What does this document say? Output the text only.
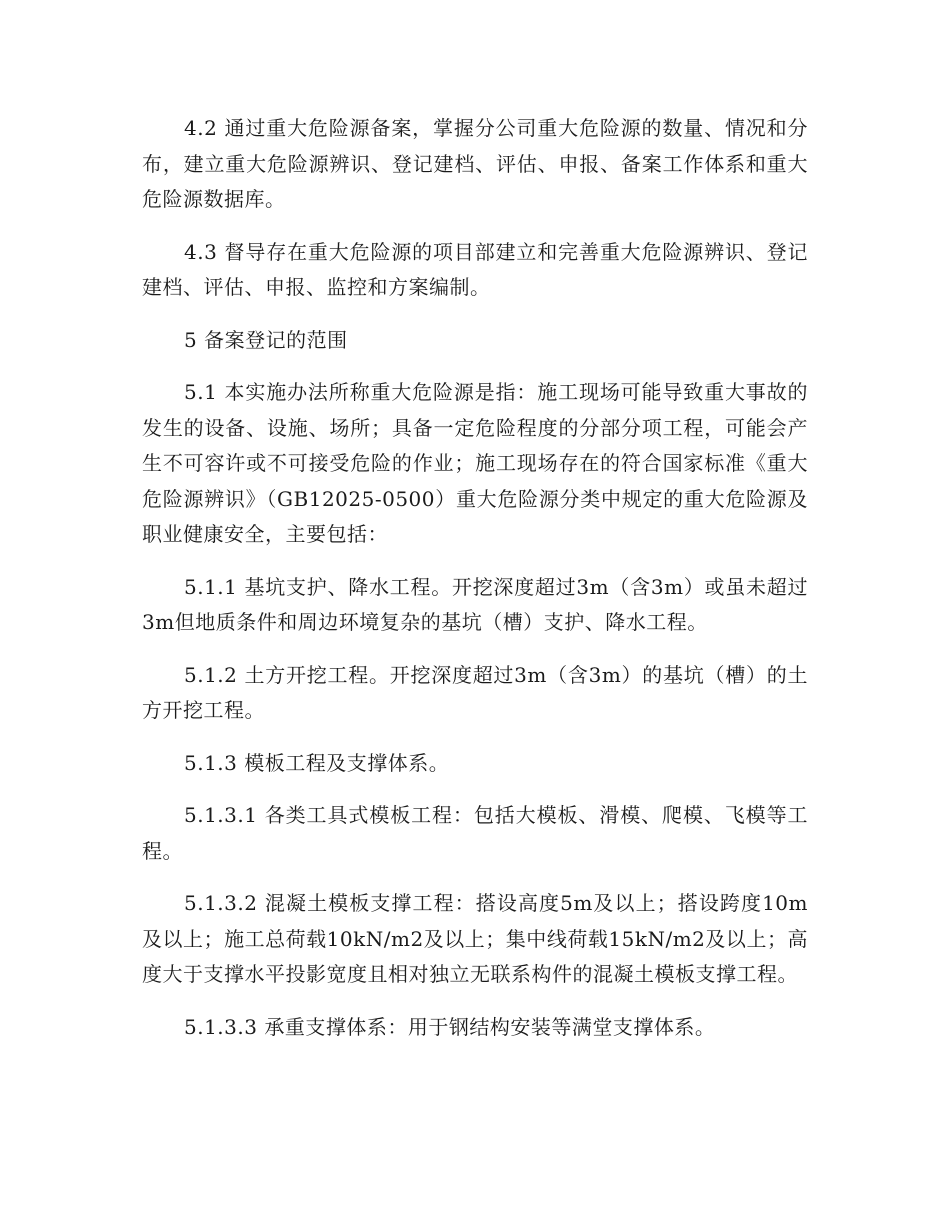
4.2 通过重大危险源备案，掌握分公司重大危险源的数量、情况和分布，建立重大危险源辨识、登记建档、评估、申报、备案工作体系和重大危险源数据库。

4.3 督导存在重大危险源的项目部建立和完善重大危险源辨识、登记建档、评估、申报、监控和方案编制。

5 备案登记的范围

5.1 本实施办法所称重大危险源是指：施工现场可能导致重大事故的发生的设备、设施、场所；具备一定危险程度的分部分项工程，可能会产生不可容许或不可接受危险的作业；施工现场存在的符合国家标准《重大危险源辨识》（GB12025-0500）重大危险源分类中规定的重大危险源及职业健康安全，主要包括：

5.1.1 基坑支护、降水工程。开挖深度超过3m（含3m）或虽未超过3m但地质条件和周边环境复杂的基坑（槽）支护、降水工程。

5.1.2 土方开挖工程。开挖深度超过3m（含3m）的基坑（槽）的土方开挖工程。

5.1.3 模板工程及支撑体系。

5.1.3.1 各类工具式模板工程：包括大模板、滑模、爬模、飞模等工程。

5.1.3.2 混凝土模板支撑工程：搭设高度5m及以上；搭设跨度10m及以上；施工总荷载10kN/m2及以上；集中线荷载15kN/m2及以上；高度大于支撑水平投影宽度且相对独立无联系构件的混凝土模板支撑工程。

5.1.3.3 承重支撑体系：用于钢结构安装等满堂支撑体系。
